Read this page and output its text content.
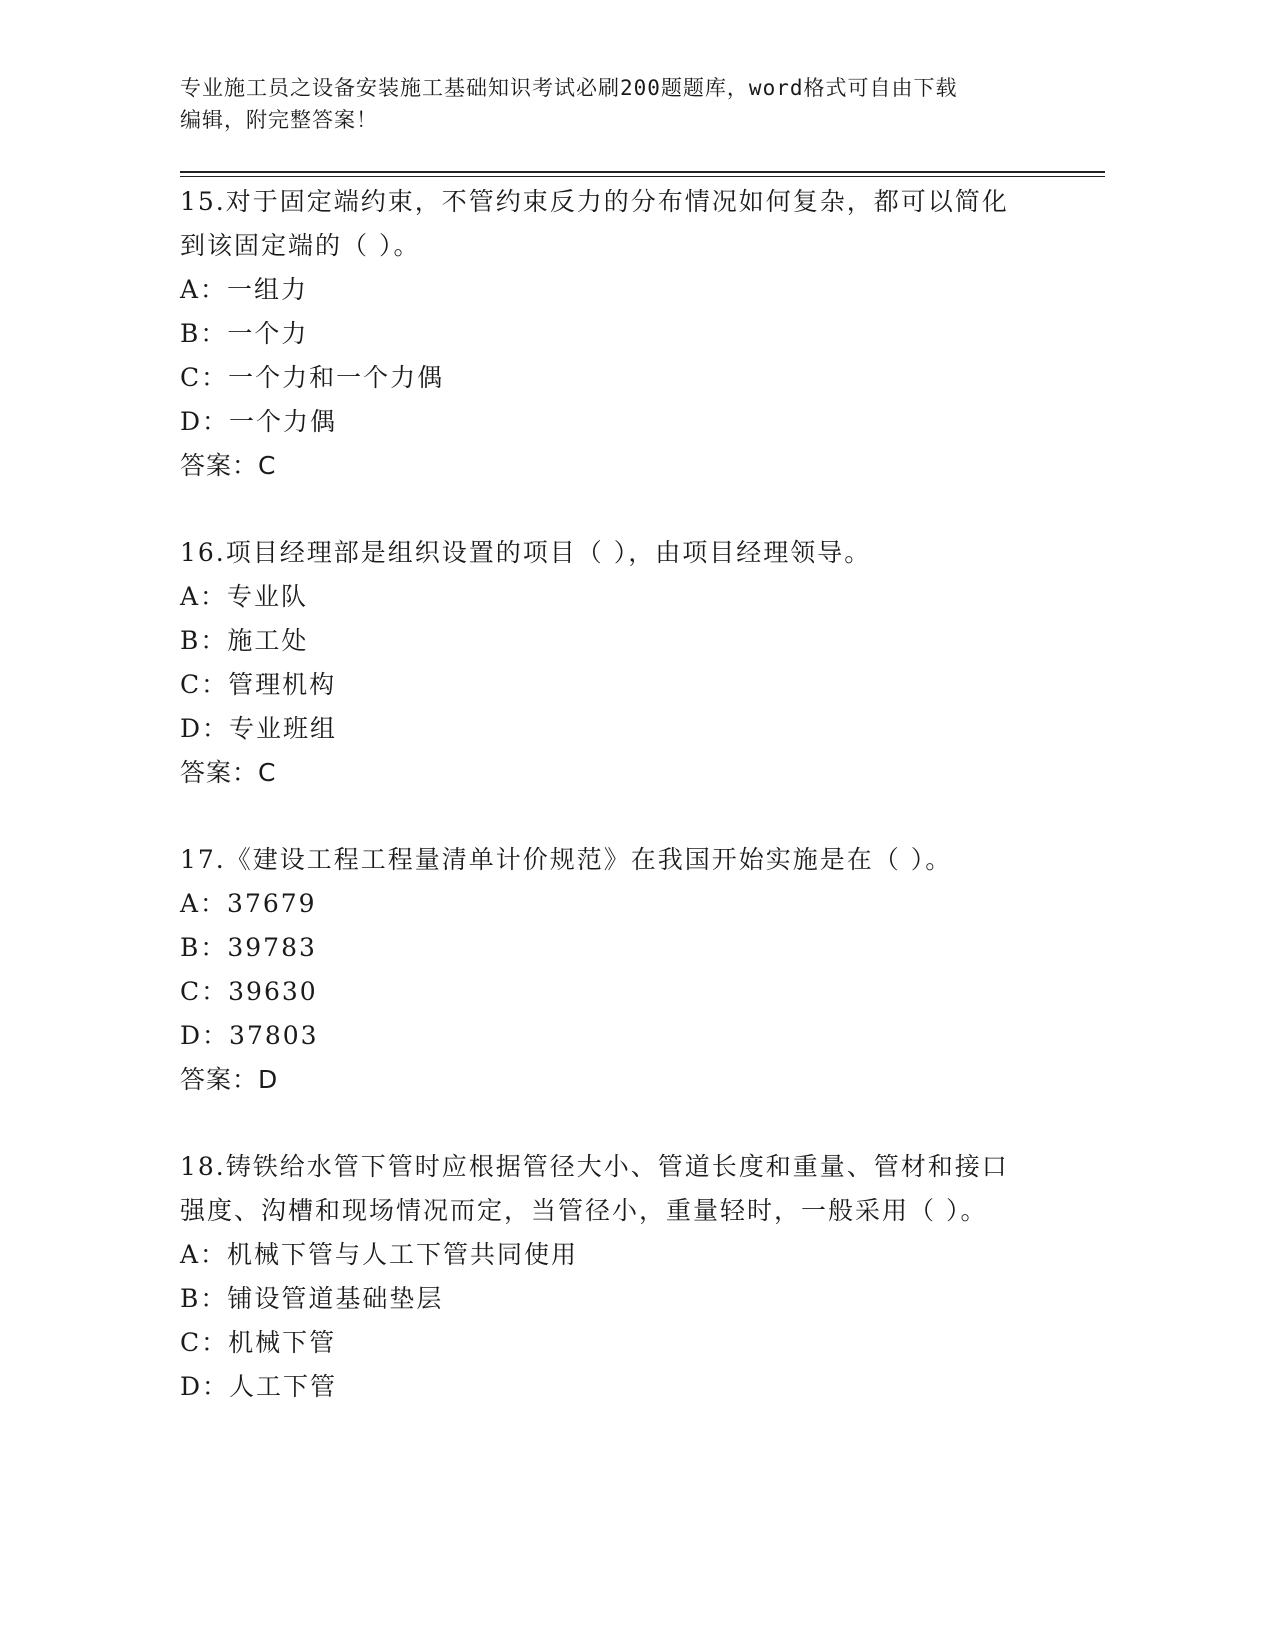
专业施工员之设备安装施工基础知识考试必刷200题题库，word格式可自由下载
编辑，附完整答案！
15.对于固定端约束，不管约束反力的分布情况如何复杂，都可以简化
到该固定端的（ ）。
A：一组力
B：一个力
C：一个力和一个力偶
D：一个力偶
答案：C
16.项目经理部是组织设置的项目（ ），由项目经理领导。
A：专业队
B：施工处
C：管理机构
D：专业班组
答案：C
17.《建设工程工程量清单计价规范》在我国开始实施是在（ ）。
A：37679
B：39783
C：39630
D：37803
答案：D
18.铸铁给水管下管时应根据管径大小、管道长度和重量、管材和接口
强度、沟槽和现场情况而定，当管径小，重量轻时，一般采用（ ）。
A：机械下管与人工下管共同使用
B：铺设管道基础垫层
C：机械下管
D：人工下管
